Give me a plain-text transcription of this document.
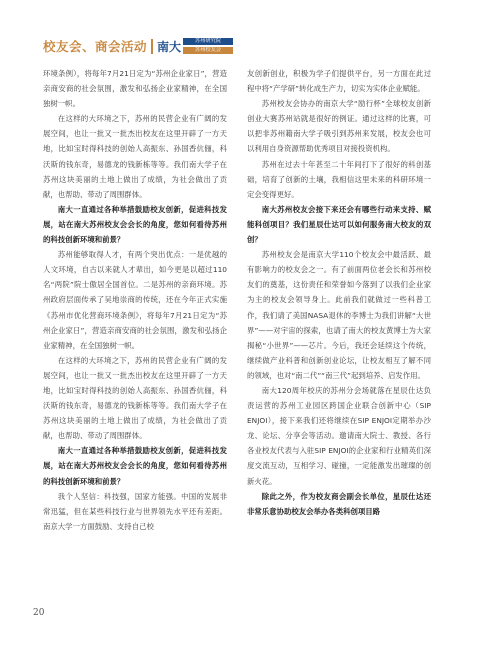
校友会、商会活动 南大	苏州研究院
苏州校友会

环境条例），将每年7月21日定为“苏州企业家日”，营造亲商安商的社会氛围，激发和弘扬企业家精神，在全国独树一帜。

在这样的大环境之下，苏州的民营企业有广阔的发展空间，也让一批又一批杰出校友在这里开辟了一方天地，比如宝时得科技的创始人高振东、孙国香伉俪，科沃斯的钱东奇，易德龙的钱新栋等等。我们南大学子在苏州这块美丽的土地上做出了成绩，为社会做出了贡献，也帮助、带动了周围群体。

南大一直通过各种举措鼓励校友创新，促进科技发展，站在南大苏州校友会会长的角度，您如何看待苏州的科技创新环境和前景？

苏州能够取得人才，有两个突出优点：一是优越的人文环境，自古以来就人才辈出，如今更是以超过110名“两院”院士傲居全国首位。二是苏州的亲商环境。苏州政府层面传承了吴地崇商的传统，还在今年正式实施《苏州市优化营商环境条例》，将每年7月21日定为“苏州企业家日”，营造亲商安商的社会氛围，激发和弘扬企业家精神，在全国独树一帜。

在这样的大环境之下，苏州的民营企业有广阔的发展空间，也让一批又一批杰出校友在这里开辟了一方天地，比如宝时得科技的创始人高振东、孙国香伉俪，科沃斯的钱东奇，易德龙的钱新栋等等。我们南大学子在苏州这块美丽的土地上做出了成绩，为社会做出了贡献，也帮助、带动了周围群体。

南大一直通过各种举措鼓励校友创新，促进科技发展，站在南大苏州校友会会长的角度，您如何看待苏州的科技创新环境和前景？

我个人坚信：科技强，国家方能强。中国的发展非常迅猛，但在某些科技行业与世界领先水平还有差距。南京大学一方面鼓励、支持自己校

友创新创业，积极为学子们提供平台，另一方面在此过程中将“产学研”转化成生产力，切实为实体企业赋能。

苏州校友会协办的南京大学“励行杯”全球校友创新创业大赛苏州站就是很好的例证。通过这样的比赛，可以把非苏州籍南大学子吸引到苏州来发展，校友会也可以利用自身资源帮助优秀项目对接投资机构。

苏州在过去十年甚至二十年间打下了很好的科创基础，培育了创新的土壤，我相信这里未来的科研环境一定会变得更好。

南大苏州校友会接下来还会有哪些行动来支持、赋能科创项目？我们星辰仕达可以如何服务南大校友的双创？

苏州校友会是南京大学110个校友会中最活跃、最有影响力的校友会之一。有了前面两位老会长和苏州校友们的奠基，这份责任和荣誉如今落到了以我们企业家为主的校友会领导身上。此前我们就做过一些科普工作，我们请了美国NASA退休的李博士为我们讲解“大世界”——对宇宙的探索，也请了南大的校友黄博士为大家揭秘“小世界”——芯片。今后，我还会延续这个传统，继续做产业科普和创新创业论坛，让校友相互了解不同的领域，也对“南二代”“南三代”起到培养、启发作用。

南大120周年校庆的苏州分会场就落在星辰仕达负责运营的苏州工业园区跨国企业联合创新中心（SIP ENJOI），接下来我们还将继续在SIP ENJOI定期举办沙龙、论坛、分享会等活动。邀请南大院士、教授、各行各业校友代表与入驻SIP ENJOI的企业家和行业精英们深度交流互动，互相学习、碰撞，一定能激发出璀璨的创新火花。

除此之外，作为校友商会副会长单位，星辰仕达还非常乐意协助校友会举办各类科创项目路

20
